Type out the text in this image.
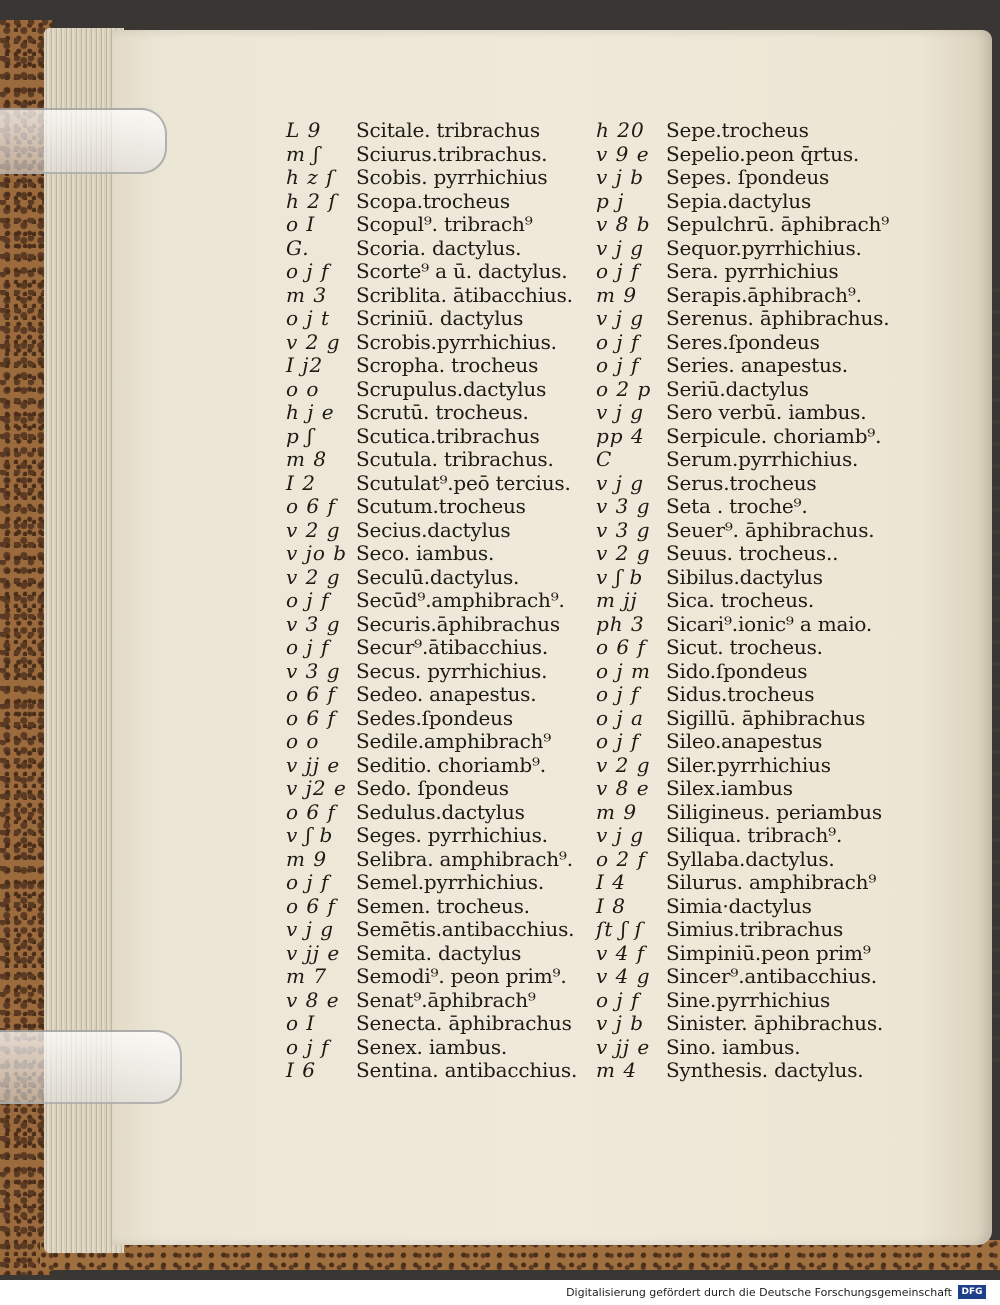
L 9	Scitale. tribrachus
m ʃ	Sciurus.tribrachus.
h z ſ	Scobis. pyrrhichius
h 2 ſ Scopa.trocheus
o I	Scopul⁹. tribrach⁹
G.	Scoria. dactylus.
o j f	Scorte⁹ a ū. dactylus.
m 3	Scriblita. ātibacchius.
o j t	Scriniū. dactylus
v 2 g Scrobis.pyrrhichius.
I j2	Scropha. trocheus
o o	Scrupulus.dactylus
h j e	Scrutū. trocheus.
p ʃ	Scutica.tribrachus
m 8	Scutula. tribrachus.
I 2	Scutulat⁹.peō tercius.
o 6 f	Scutum.trocheus
v 2 g Secius.dactylus
v jo b Seco. iambus.
v 2 g Seculū.dactylus.
o j f	Secūd⁹.amphibrach⁹.
v 3 g Securis.āphibrachus
o j f	Secur⁹.ātibacchius.
v 3 g Secus. pyrrhichius.
o 6 f	Sedeo. anapestus.
o 6 f	Sedes.ſpondeus
o o	Sedile.amphibrach⁹
v jj e Seditio. choriamb⁹.
v j2 e Sedo. ſpondeus
o 6 f	Sedulus.dactylus
v ʃ b	Seges. pyrrhichius.
m 9	Selibra. amphibrach⁹.
o j f	Semel.pyrrhichius.
o 6 f	Semen. trocheus.
v j g	Semētis.antibacchius.
v jj e Semita. dactylus
m 7	Semodi⁹. peon prim⁹.
v 8 e Senat⁹.āphibrach⁹
o I	Senecta. āphibrachus
o j f	Senex. iambus.
I 6	Sentina. antibacchius.
h 20	Sepe.trocheus
v 9 e Sepelio.peon q̄rtus.
v j b	Sepes. ſpondeus
p j	Sepia.dactylus
v 8 b Sepulchrū. āphibrach⁹
v j g	Sequor.pyrrhichius.
o j f	Sera. pyrrhichius
m 9	Serapis.āphibrach⁹.
v j g	Serenus. āphibrachus.
o j f	Seres.ſpondeus
o j f	Series. anapestus.
o 2 p Seriū.dactylus
v j g	Sero verbū. iambus.
pp 4	Serpicule. choriamb⁹.
C	Serum.pyrrhichius.
v j g	Serus.trocheus
v 3 g Seta . troche⁹.
v 3 g Seuer⁹. āphibrachus.
v 2 g Seuus. trocheus..
v ʃ b	Sibilus.dactylus
m jj	Sica. trocheus.
ph 3	Sicari⁹.ionic⁹ a maio.
o 6 f	Sicut. trocheus.
o j m Sido.ſpondeus
o j f	Sidus.trocheus
o j a	Sigillū. āphibrachus
o j f	Sileo.anapestus
v 2 g Siler.pyrrhichius
v 8 e Silex.iambus
m 9	Siligineus. periambus
v j g	Siliqua. tribrach⁹.
o 2 f	Syllaba.dactylus.
I 4	Silurus. amphibrach⁹
I 8	Simia·dactylus
ſt ʃ ſ	Simius.tribrachus
v 4 f	Simpiniū.peon prim⁹
v 4 g Sincer⁹.antibacchius.
o j f	Sine.pyrrhichius
v j b	Sinister. āphibrachus.
v jj e Sino. iambus.
m 4	Synthesis. dactylus.
Digitalisierung gefördert durch die Deutsche Forschungsgemeinschaft	DFG
